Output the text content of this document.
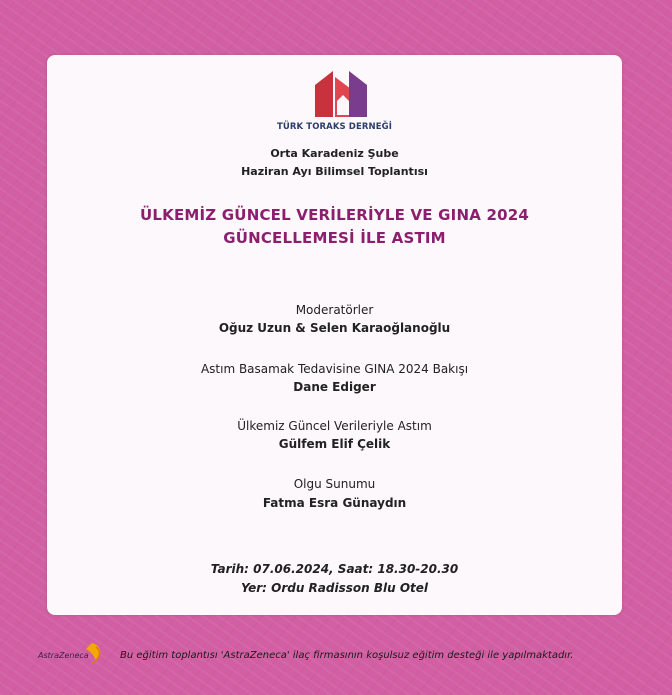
TÜRK TORAKS DERNEĞİ
Orta Karadeniz Şube
Haziran Ayı Bilimsel Toplantısı
ÜLKEMİZ GÜNCEL VERİLERİYLE VE GINA 2024
GÜNCELLEMESİ İLE ASTIM
Moderatörler
Oğuz Uzun & Selen Karaoğlanoğlu
Astım Basamak Tedavisine GINA 2024 Bakışı
Dane Ediger
Ülkemiz Güncel Verileriyle Astım
Gülfem Elif Çelik
Olgu Sunumu
Fatma Esra Günaydın
Tarih: 07.06.2024, Saat: 18.30-20.30
Yer: Ordu Radisson Blu Otel
AstraZeneca	Bu eğitim toplantısı 'AstraZeneca' ilaç firmasının koşulsuz eğitim desteği ile yapılmaktadır.
